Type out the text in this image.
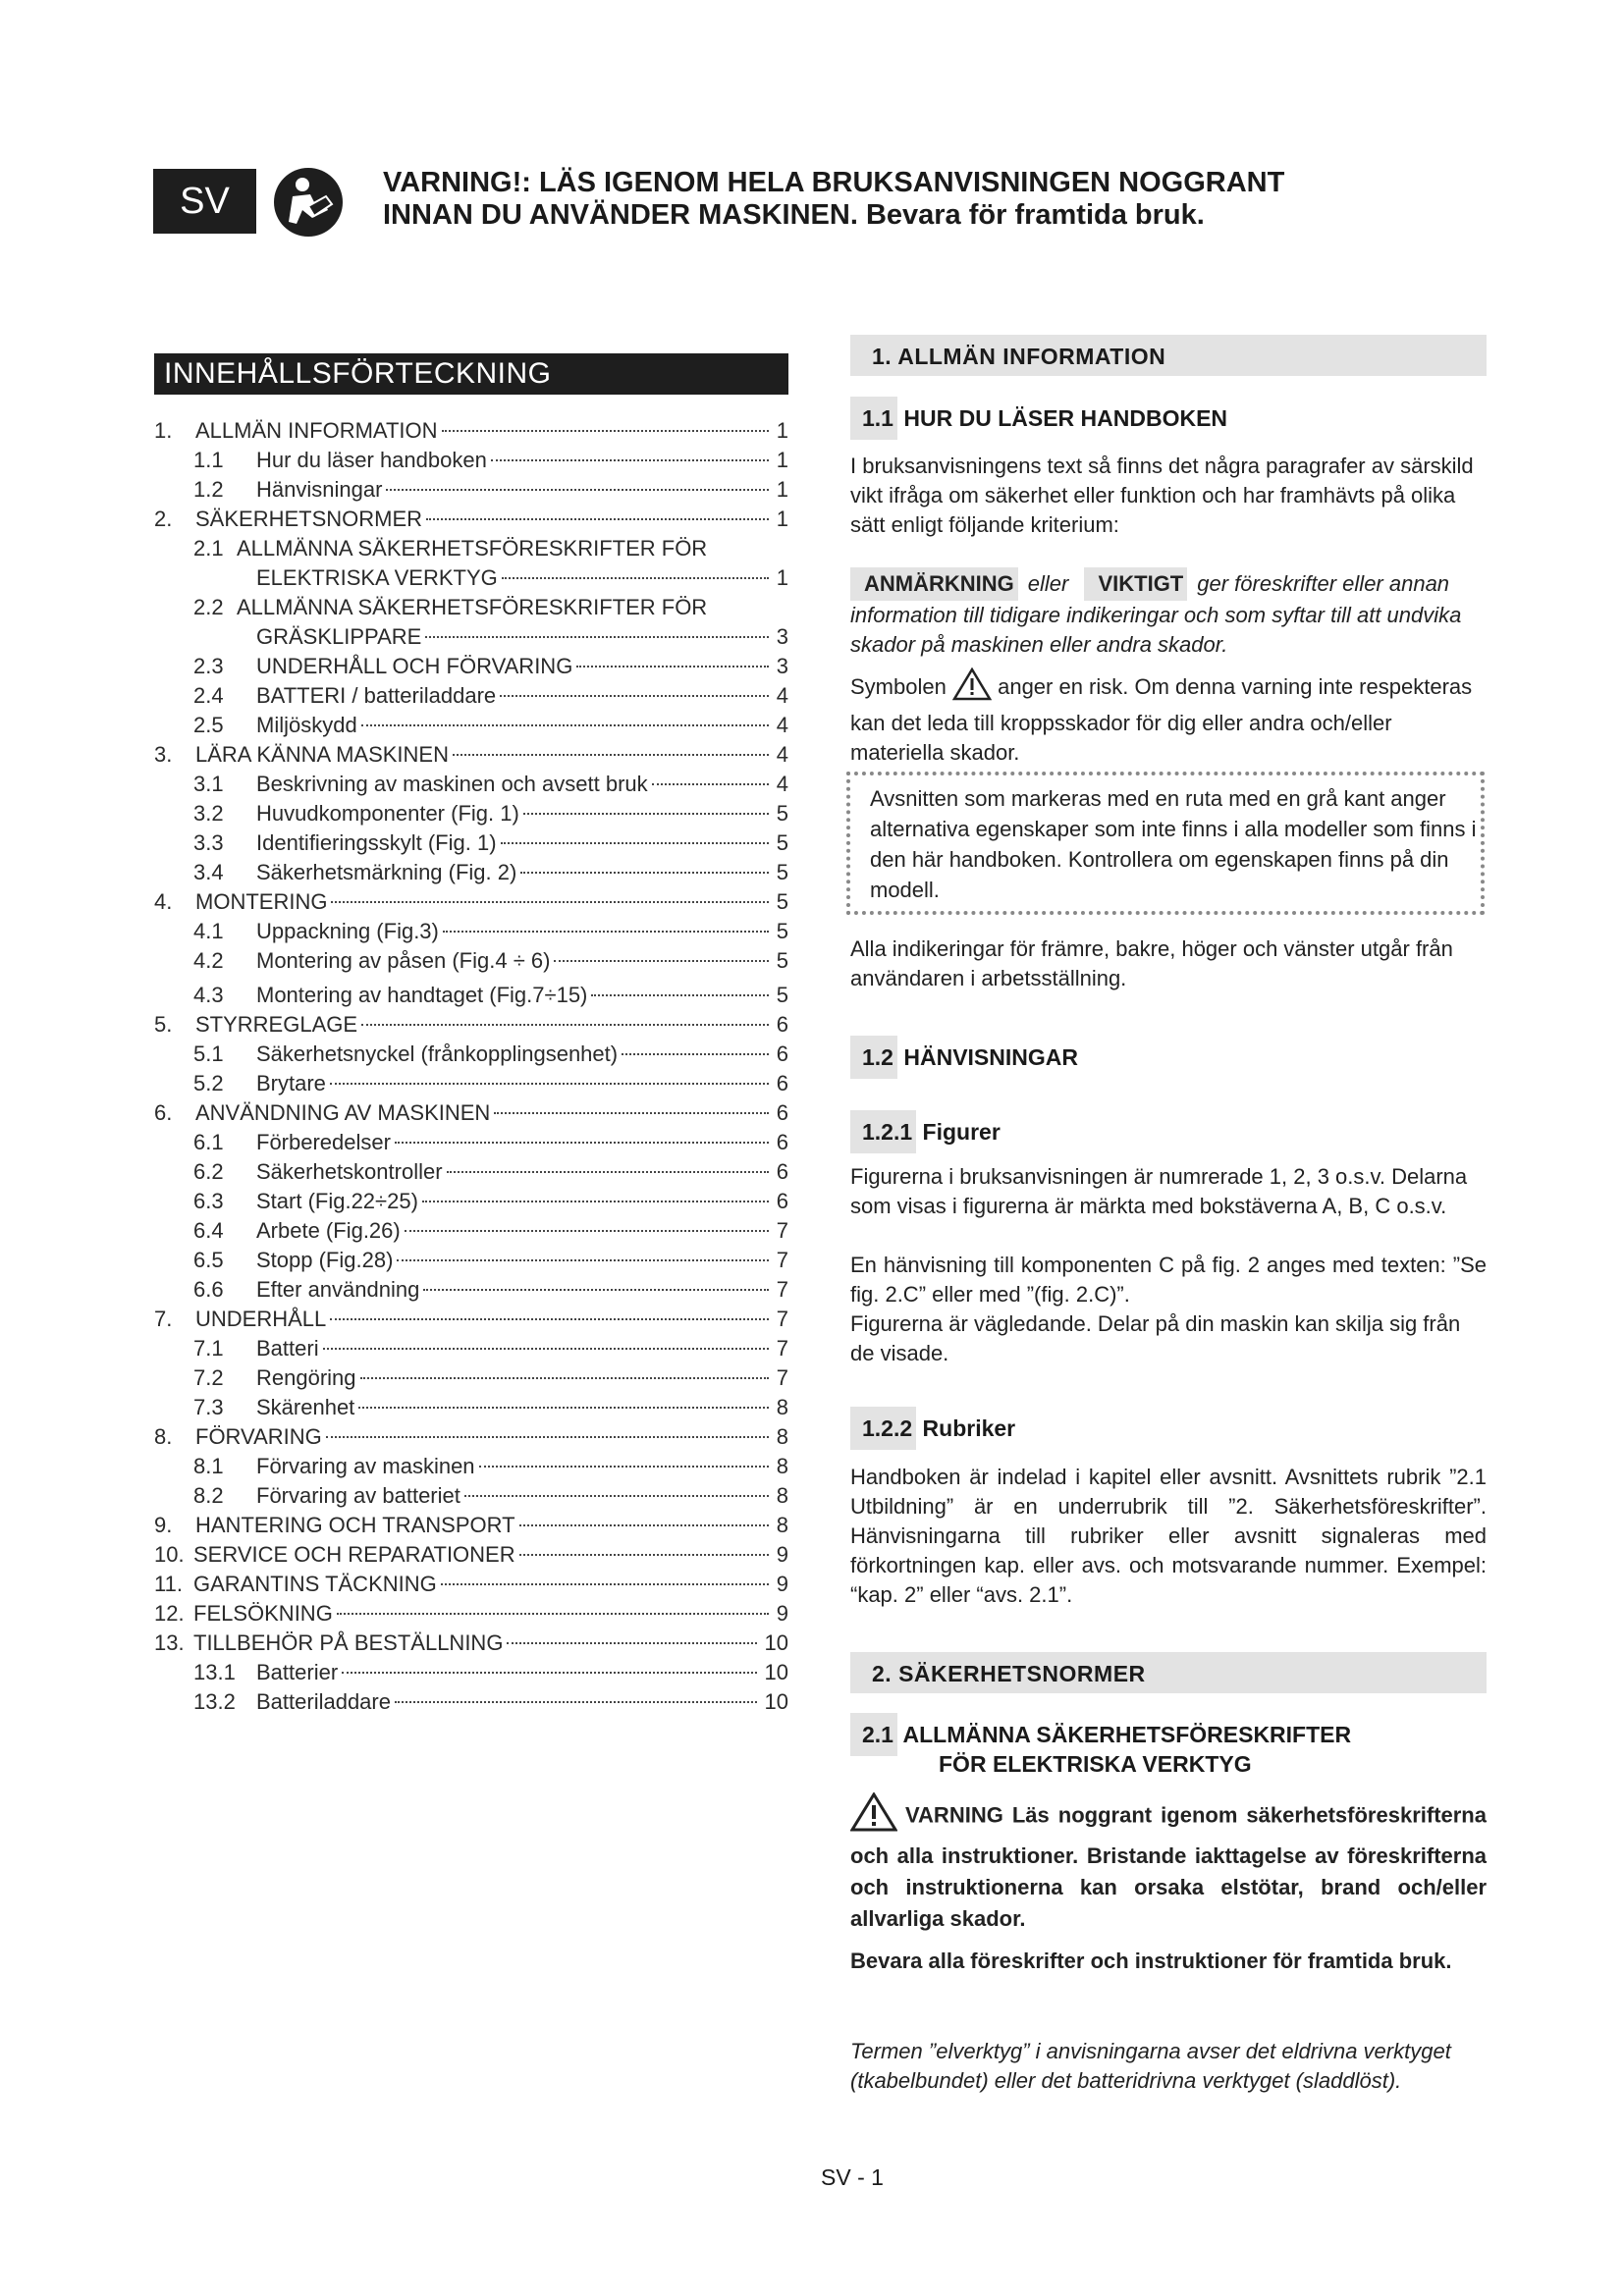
SV	VARNING!: LÄS IGENOM HELA BRUKSANVISNINGEN NOGGRANT
INNAN DU ANVÄNDER MASKINEN. Bevara för framtida bruk.
INNEHÅLLSFÖRTECKNING
1.	ALLMÄN INFORMATION	1
1.1	Hur du läser handboken	1
1.2	Hänvisningar	1
2.	SÄKERHETSNORMER	1
2.1 ALLMÄNNA SÄKERHETSFÖRESKRIFTER FÖR
ELEKTRISKA VERKTYG	1
2.2 ALLMÄNNA SÄKERHETSFÖRESKRIFTER FÖR
GRÄSKLIPPARE	3
2.3	UNDERHÅLL OCH FÖRVARING	3
2.4	BATTERI / batteriladdare	4
2.5	Miljöskydd	4
3.	LÄRA KÄNNA MASKINEN	4
3.1	Beskrivning av maskinen och avsett bruk	4
3.2	Huvudkomponenter (Fig. 1)	5
3.3	Identifieringsskylt (Fig. 1)	5
3.4	Säkerhetsmärkning (Fig. 2)	5
4.	MONTERING	5
4.1	Uppackning (Fig.3)	5
4.2	Montering av påsen (Fig.4 ÷ 6)	5
4.3	Montering av handtaget (Fig.7÷15)	5
5.	STYRREGLAGE	6
5.1	Säkerhetsnyckel (frånkopplingsenhet)	6
5.2	Brytare	6
6.	ANVÄNDNING AV MASKINEN	6
6.1	Förberedelser	6
6.2	Säkerhetskontroller	6
6.3	Start (Fig.22÷25)	6
6.4	Arbete (Fig.26)	7
6.5	Stopp (Fig.28)	7
6.6	Efter användning	7
7.	UNDERHÅLL	7
7.1	Batteri	7
7.2	Rengöring	7
7.3	Skärenhet	8
8.	FÖRVARING	8
8.1	Förvaring av maskinen	8
8.2	Förvaring av batteriet	8
9.	HANTERING OCH TRANSPORT	8
10. SERVICE OCH REPARATIONER	9
11. GARANTINS TÄCKNING	9
12. FELSÖKNING	9
13. TILLBEHÖR PÅ BESTÄLLNING	10
13.1 Batterier	10
13.2 Batteriladdare	10
1. ALLMÄN INFORMATION
1.1 HUR DU LÄSER HANDBOKEN
I bruksanvisningens text så finns det några paragrafer av särskild vikt ifråga om säkerhet eller funktion och har framhävts på olika sätt enligt följande kriterium:
ANMÄRKNING eller VIKTIGT ger föreskrifter eller annan information till tidigare indikeringar och som syftar till att undvika skador på maskinen eller andra skador.
Symbolen anger en risk. Om denna varning inte respekteras kan det leda till kroppsskador för dig eller andra och/eller materiella skador.
Avsnitten som markeras med en ruta med en grå kant anger alternativa egenskaper som inte finns i alla modeller som finns i den här handboken. Kontrollera om egenskapen finns på din modell.
Alla indikeringar för främre, bakre, höger och vänster utgår från användaren i arbetsställning.
1.2 HÄNVISNINGAR
1.2.1 Figurer
Figurerna i bruksanvisningen är numrerade 1, 2, 3 o.s.v. Delarna som visas i figurerna är märkta med bokstäverna A, B, C o.s.v.
En hänvisning till komponenten C på fig. 2 anges med texten: ”Se fig. 2.C” eller med ”(fig. 2.C)”.
Figurerna är vägledande. Delar på din maskin kan skilja sig från de visade.
1.2.2 Rubriker
Handboken är indelad i kapitel eller avsnitt. Avsnittets rubrik ”2.1 Utbildning” är en underrubrik till ”2. Säkerhetsföreskrifter”. Hänvisningarna till rubriker eller avsnitt signaleras med förkortningen kap. eller avs. och motsvarande nummer. Exempel: “kap. 2” eller “avs. 2.1”.
2. SÄKERHETSNORMER
2.1 ALLMÄNNA SÄKERHETSFÖRESKRIFTER
FÖR ELEKTRISKA VERKTYG
VARNING Läs noggrant igenom säkerhetsföreskrifterna och alla instruktioner. Bristande iakttagelse av föreskrifterna och instruktionerna kan orsaka elstötar, brand och/eller allvarliga skador.
Bevara alla föreskrifter och instruktioner för framtida bruk.
Termen ”elverktyg” i anvisningarna avser det eldrivna verktyget (tkabelbundet) eller det batteridrivna verktyget (sladdlöst).
SV - 1
